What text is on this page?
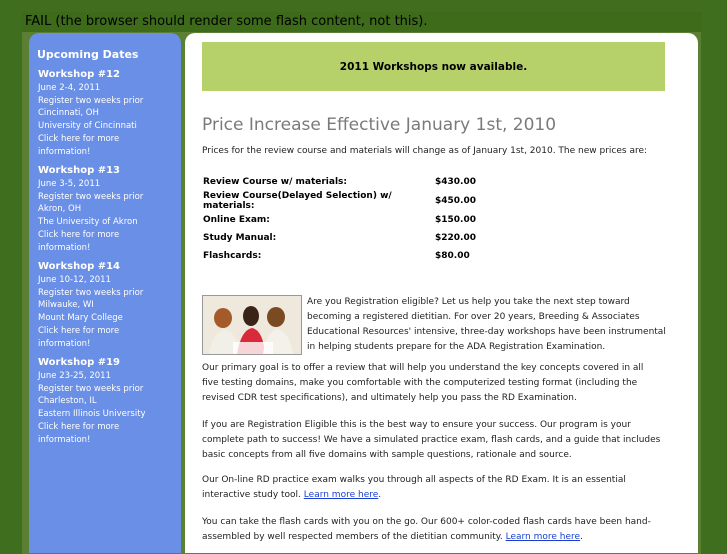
FAIL (the browser should render some flash content, not this).
Upcoming Dates
Workshop #12
June 2-4, 2011
Register two weeks prior
Cincinnati, OH
University of Cincinnati
Click here for more
information!
Workshop #13
June 3-5, 2011
Register two weeks prior
Akron, OH
The University of Akron
Click here for more
information!
Workshop #14
June 10-12, 2011
Register two weeks prior
Milwauke, WI
Mount Mary College
Click here for more
information!
Workshop #19
June 23-25, 2011
Register two weeks prior
Charleston, IL
Eastern Illinois University
Click here for more
information!
2011 Workshops now available.
Price Increase Effective January 1st, 2010

Prices for the review course and materials will change as of January 1st, 2010. The new prices are:

Review Course w/ materials:	$430.00
Review Course(Delayed Selection) w/ materials:	$450.00
Online Exam:	$150.00
Study Manual:	$220.00
Flashcards:	$80.00

Are you Registration eligible? Let us help you take the next step toward becoming a registered dietitian. For over 20 years, Breeding & Associates Educational Resources' intensive, three-day workshops have been instrumental in helping students prepare for the ADA Registration Examination.

Our primary goal is to offer a review that will help you understand the key concepts covered in all five testing domains, make you comfortable with the computerized testing format (including the revised CDR test specifications), and ultimately help you pass the RD Examination.

If you are Registration Eligible this is the best way to ensure your success. Our program is your complete path to success! We have a simulated practice exam, flash cards, and a guide that includes basic concepts from all five domains with sample questions, rationale and source.

Our On-line RD practice exam walks you through all aspects of the RD Exam. It is an essential interactive study tool. Learn more here.

You can take the flash cards with you on the go. Our 600+ color-coded flash cards have been hand-assembled by well respected members of the dietitian community. Learn more here.
